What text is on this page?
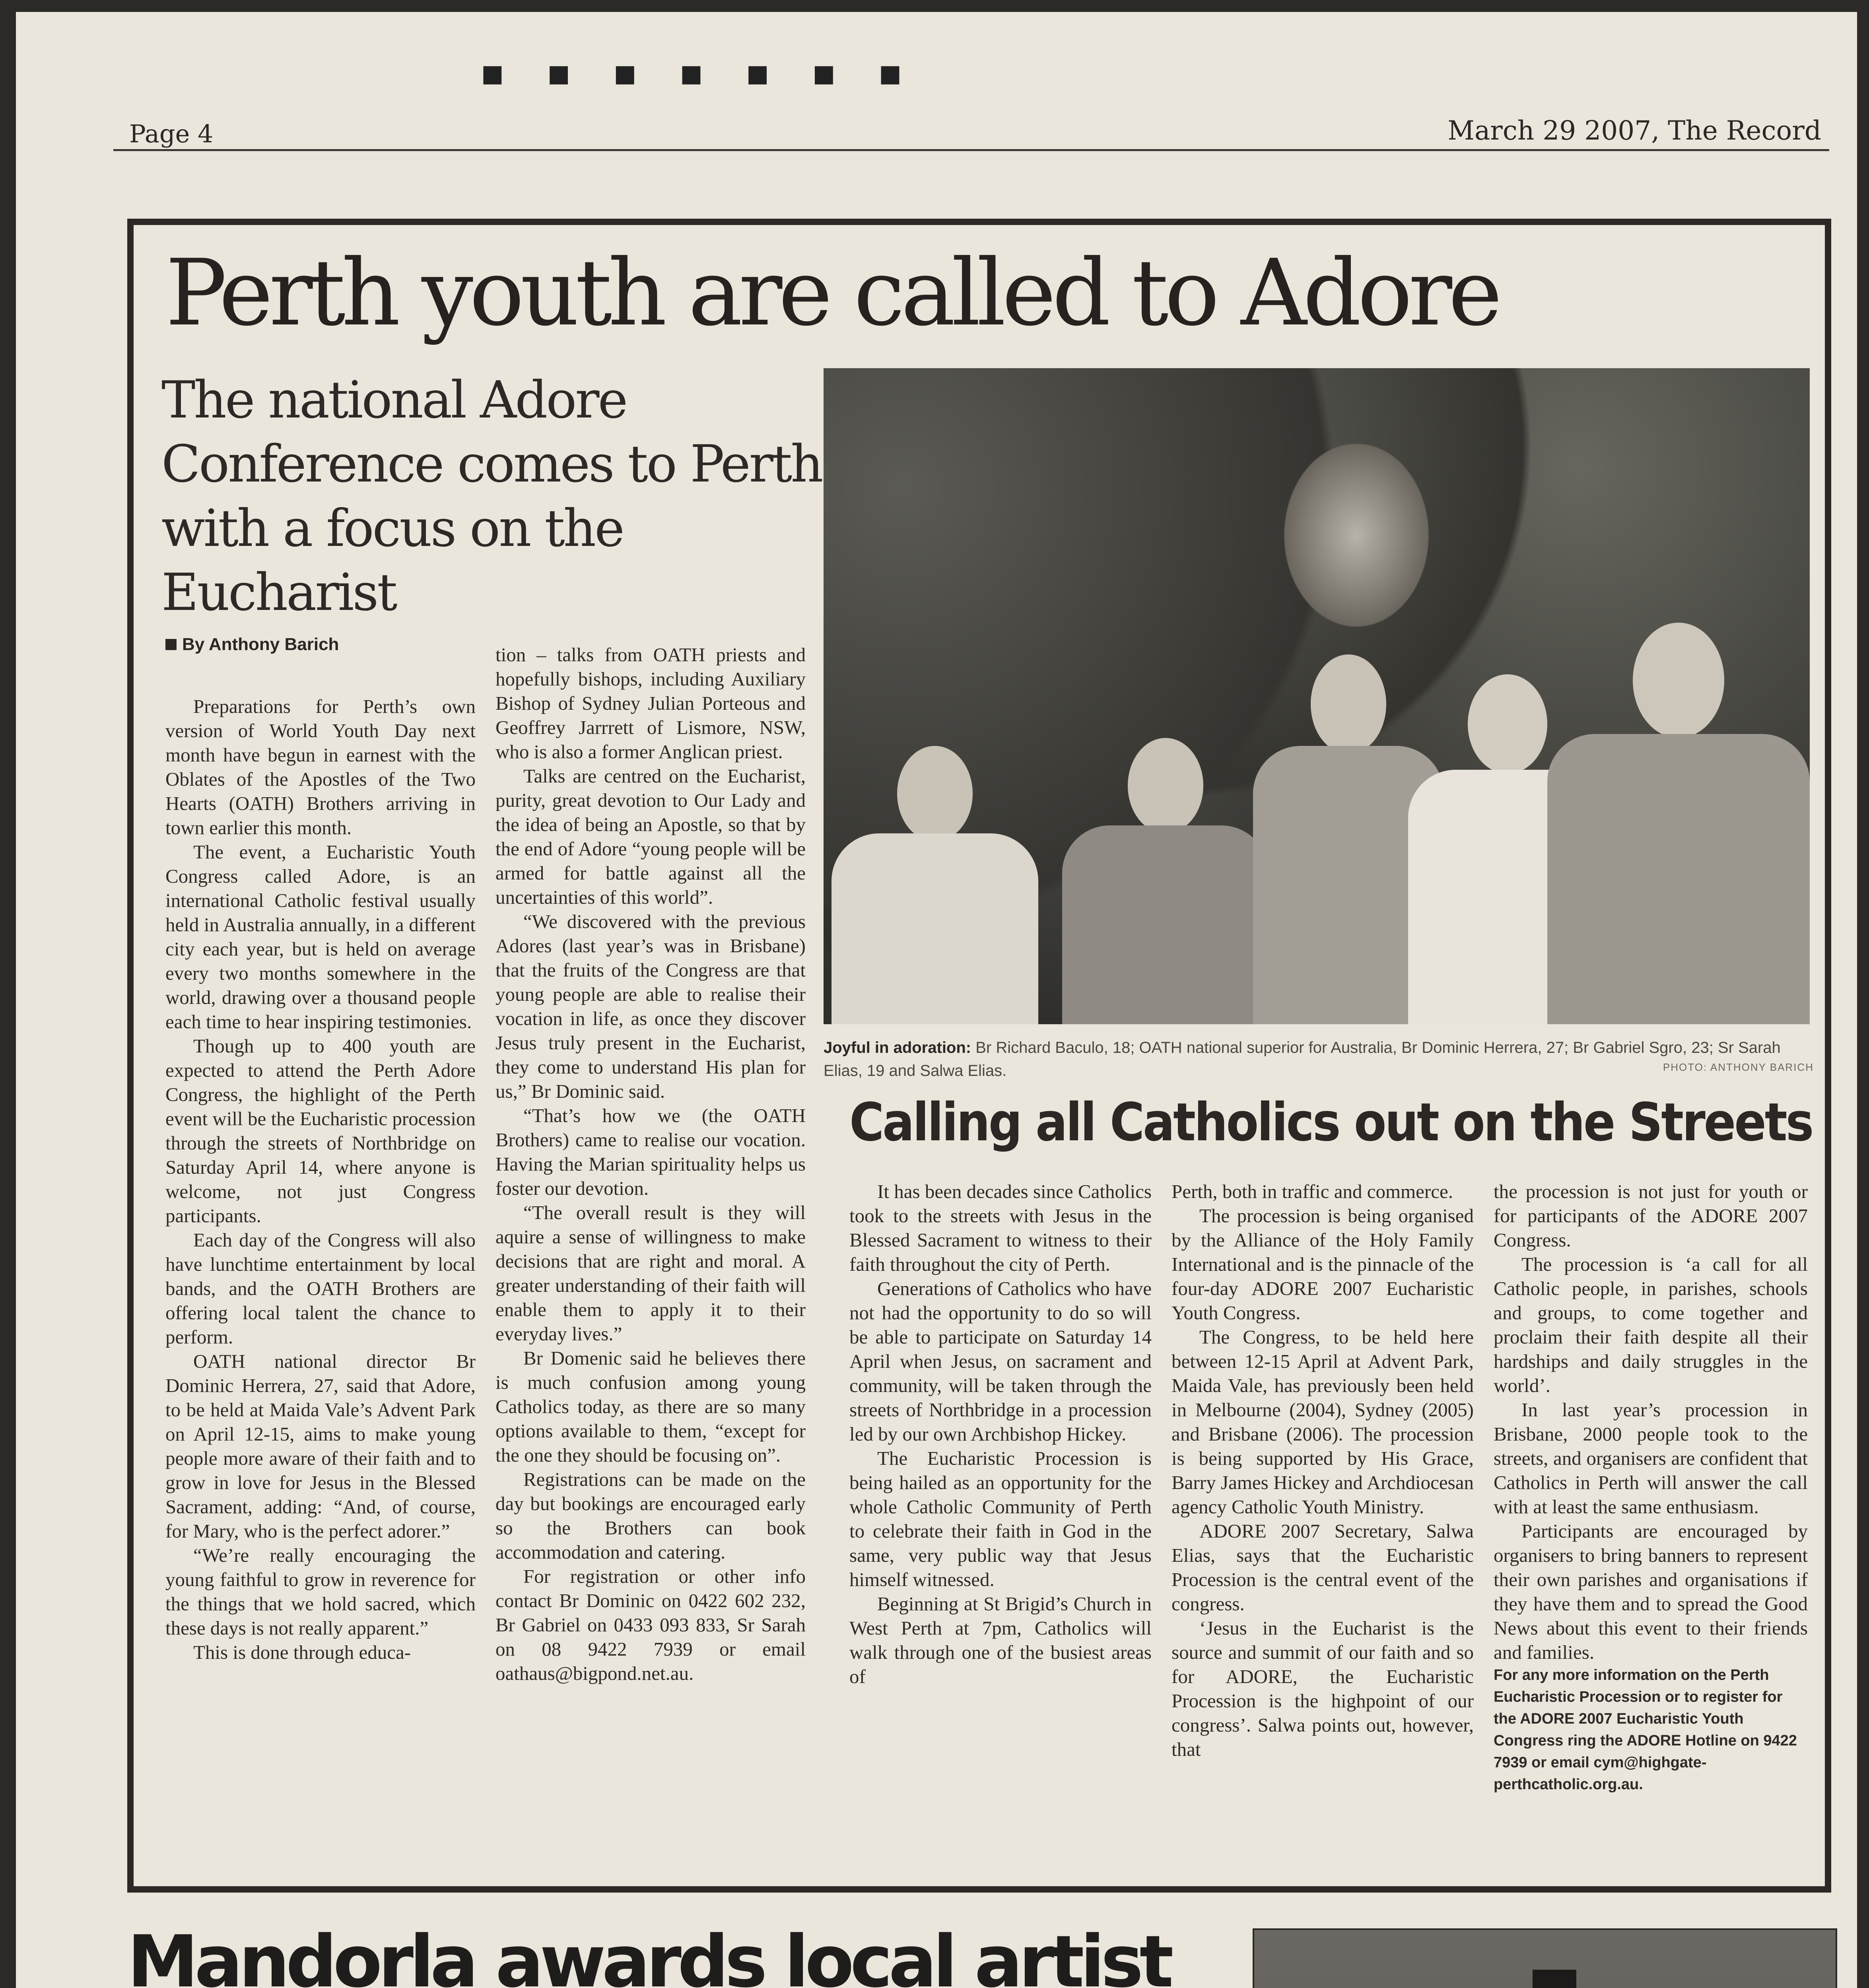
■■■■■■■
Page 4	March 29 2007, The Record
Perth youth are called to Adore
The national Adore Conference comes to Perth with a focus on the Eucharist
By Anthony Barich

Preparations for Perth’s own version of World Youth Day next month have begun in earnest with the Oblates of the Apostles of the Two Hearts (OATH) Brothers arriving in town earlier this month.

The event, a Eucharistic Youth Congress called Adore, is an international Catholic festival usually held in Australia annually, in a different city each year, but is held on average every two months somewhere in the world, drawing over a thousand people each time to hear inspiring testimonies.

Though up to 400 youth are expected to attend the Perth Adore Congress, the highlight of the Perth event will be the Eucharistic procession through the streets of Northbridge on Saturday April 14, where anyone is welcome, not just Congress participants.

Each day of the Congress will also have lunchtime entertainment by local bands, and the OATH Brothers are offering local talent the chance to perform.

OATH national director Br Dominic Herrera, 27, said that Adore, to be held at Maida Vale’s Advent Park on April 12-15, aims to make young people more aware of their faith and to grow in love for Jesus in the Blessed Sacrament, adding: “And, of course, for Mary, who is the perfect adorer.”

“We’re really encouraging the young faithful to grow in reverence for the things that we hold sacred, which these days is not really apparent.”

This is done through educa-

tion – talks from OATH priests and hopefully bishops, including Auxiliary Bishop of Sydney Julian Porteous and Geoffrey Jarrrett of Lismore, NSW, who is also a former Anglican priest.

Talks are centred on the Eucharist, purity, great devotion to Our Lady and the idea of being an Apostle, so that by the end of Adore “young people will be armed for battle against all the uncertainties of this world”.

“We discovered with the previous Adores (last year’s was in Brisbane) that the fruits of the Congress are that young people are able to realise their vocation in life, as once they discover Jesus truly present in the Eucharist, they come to understand His plan for us,” Br Dominic said.

“That’s how we (the OATH Brothers) came to realise our vocation. Having the Marian spirituality helps us foster our devotion.

“The overall result is they will aquire a sense of willingness to make decisions that are right and moral. A greater understanding of their faith will enable them to apply it to their everyday lives.”

Br Domenic said he believes there is much confusion among young Catholics today, as there are so many options available to them, “except for the one they should be focusing on”.

Registrations can be made on the day but bookings are encouraged early so the Brothers can book accommodation and catering.

For registration or other info contact Br Dominic on 0422 602 232, Br Gabriel on 0433 093 833, Sr Sarah on 08 9422 7939 or email oathaus@bigpond.net.au.

Joyful in adoration: Br Richard Baculo, 18; OATH national superior for Australia, Br Dominic Herrera, 27; Br Gabriel Sgro, 23; Sr Sarah Elias, 19 and Salwa Elias.	PHOTO: ANTHONY BARICH
Calling all Catholics out on the Streets

It has been decades since Catholics took to the streets with Jesus in the Blessed Sacrament to witness to their faith throughout the city of Perth.

Generations of Catholics who have not had the opportunity to do so will be able to participate on Saturday 14 April when Jesus, on sacrament and community, will be taken through the streets of Northbridge in a procession led by our own Archbishop Hickey.

The Eucharistic Procession is being hailed as an opportunity for the whole Catholic Community of Perth to celebrate their faith in God in the same, very public way that Jesus himself witnessed.

Beginning at St Brigid’s Church in West Perth at 7pm, Catholics will walk through one of the busiest areas of

Perth, both in traffic and commerce.

The procession is being organised by the Alliance of the Holy Family International and is the pinnacle of the four-day ADORE 2007 Eucharistic Youth Congress.

The Congress, to be held here between 12-15 April at Advent Park, Maida Vale, has previously been held in Melbourne (2004), Sydney (2005) and Brisbane (2006). The procession is being supported by His Grace, Barry James Hickey and Archdiocesan agency Catholic Youth Ministry.

ADORE 2007 Secretary, Salwa Elias, says that the Eucharistic Procession is the central event of the congress.

‘Jesus in the Eucharist is the source and summit of our faith and so for ADORE, the Eucharistic Procession is the highpoint of our congress’. Salwa points out, however, that

the procession is not just for youth or for participants of the ADORE 2007 Congress.

The procession is ‘a call for all Catholic people, in parishes, schools and groups, to come together and proclaim their faith despite all their hardships and daily struggles in the world’.

In last year’s procession in Brisbane, 2000 people took to the streets, and organisers are confident that Catholics in Perth will answer the call with at least the same enthusiasm.

Participants are encouraged by organisers to bring banners to represent their own parishes and organisations if they have them and to spread the Good News about this event to their friends and families.

For any more information on the Perth Eucharistic Procession or to register for the ADORE 2007 Eucharistic Youth Congress ring the ADORE Hotline on 9422 7939 or email cym@highgate-perthcatholic.org.au.

Mandorla awards local artist
